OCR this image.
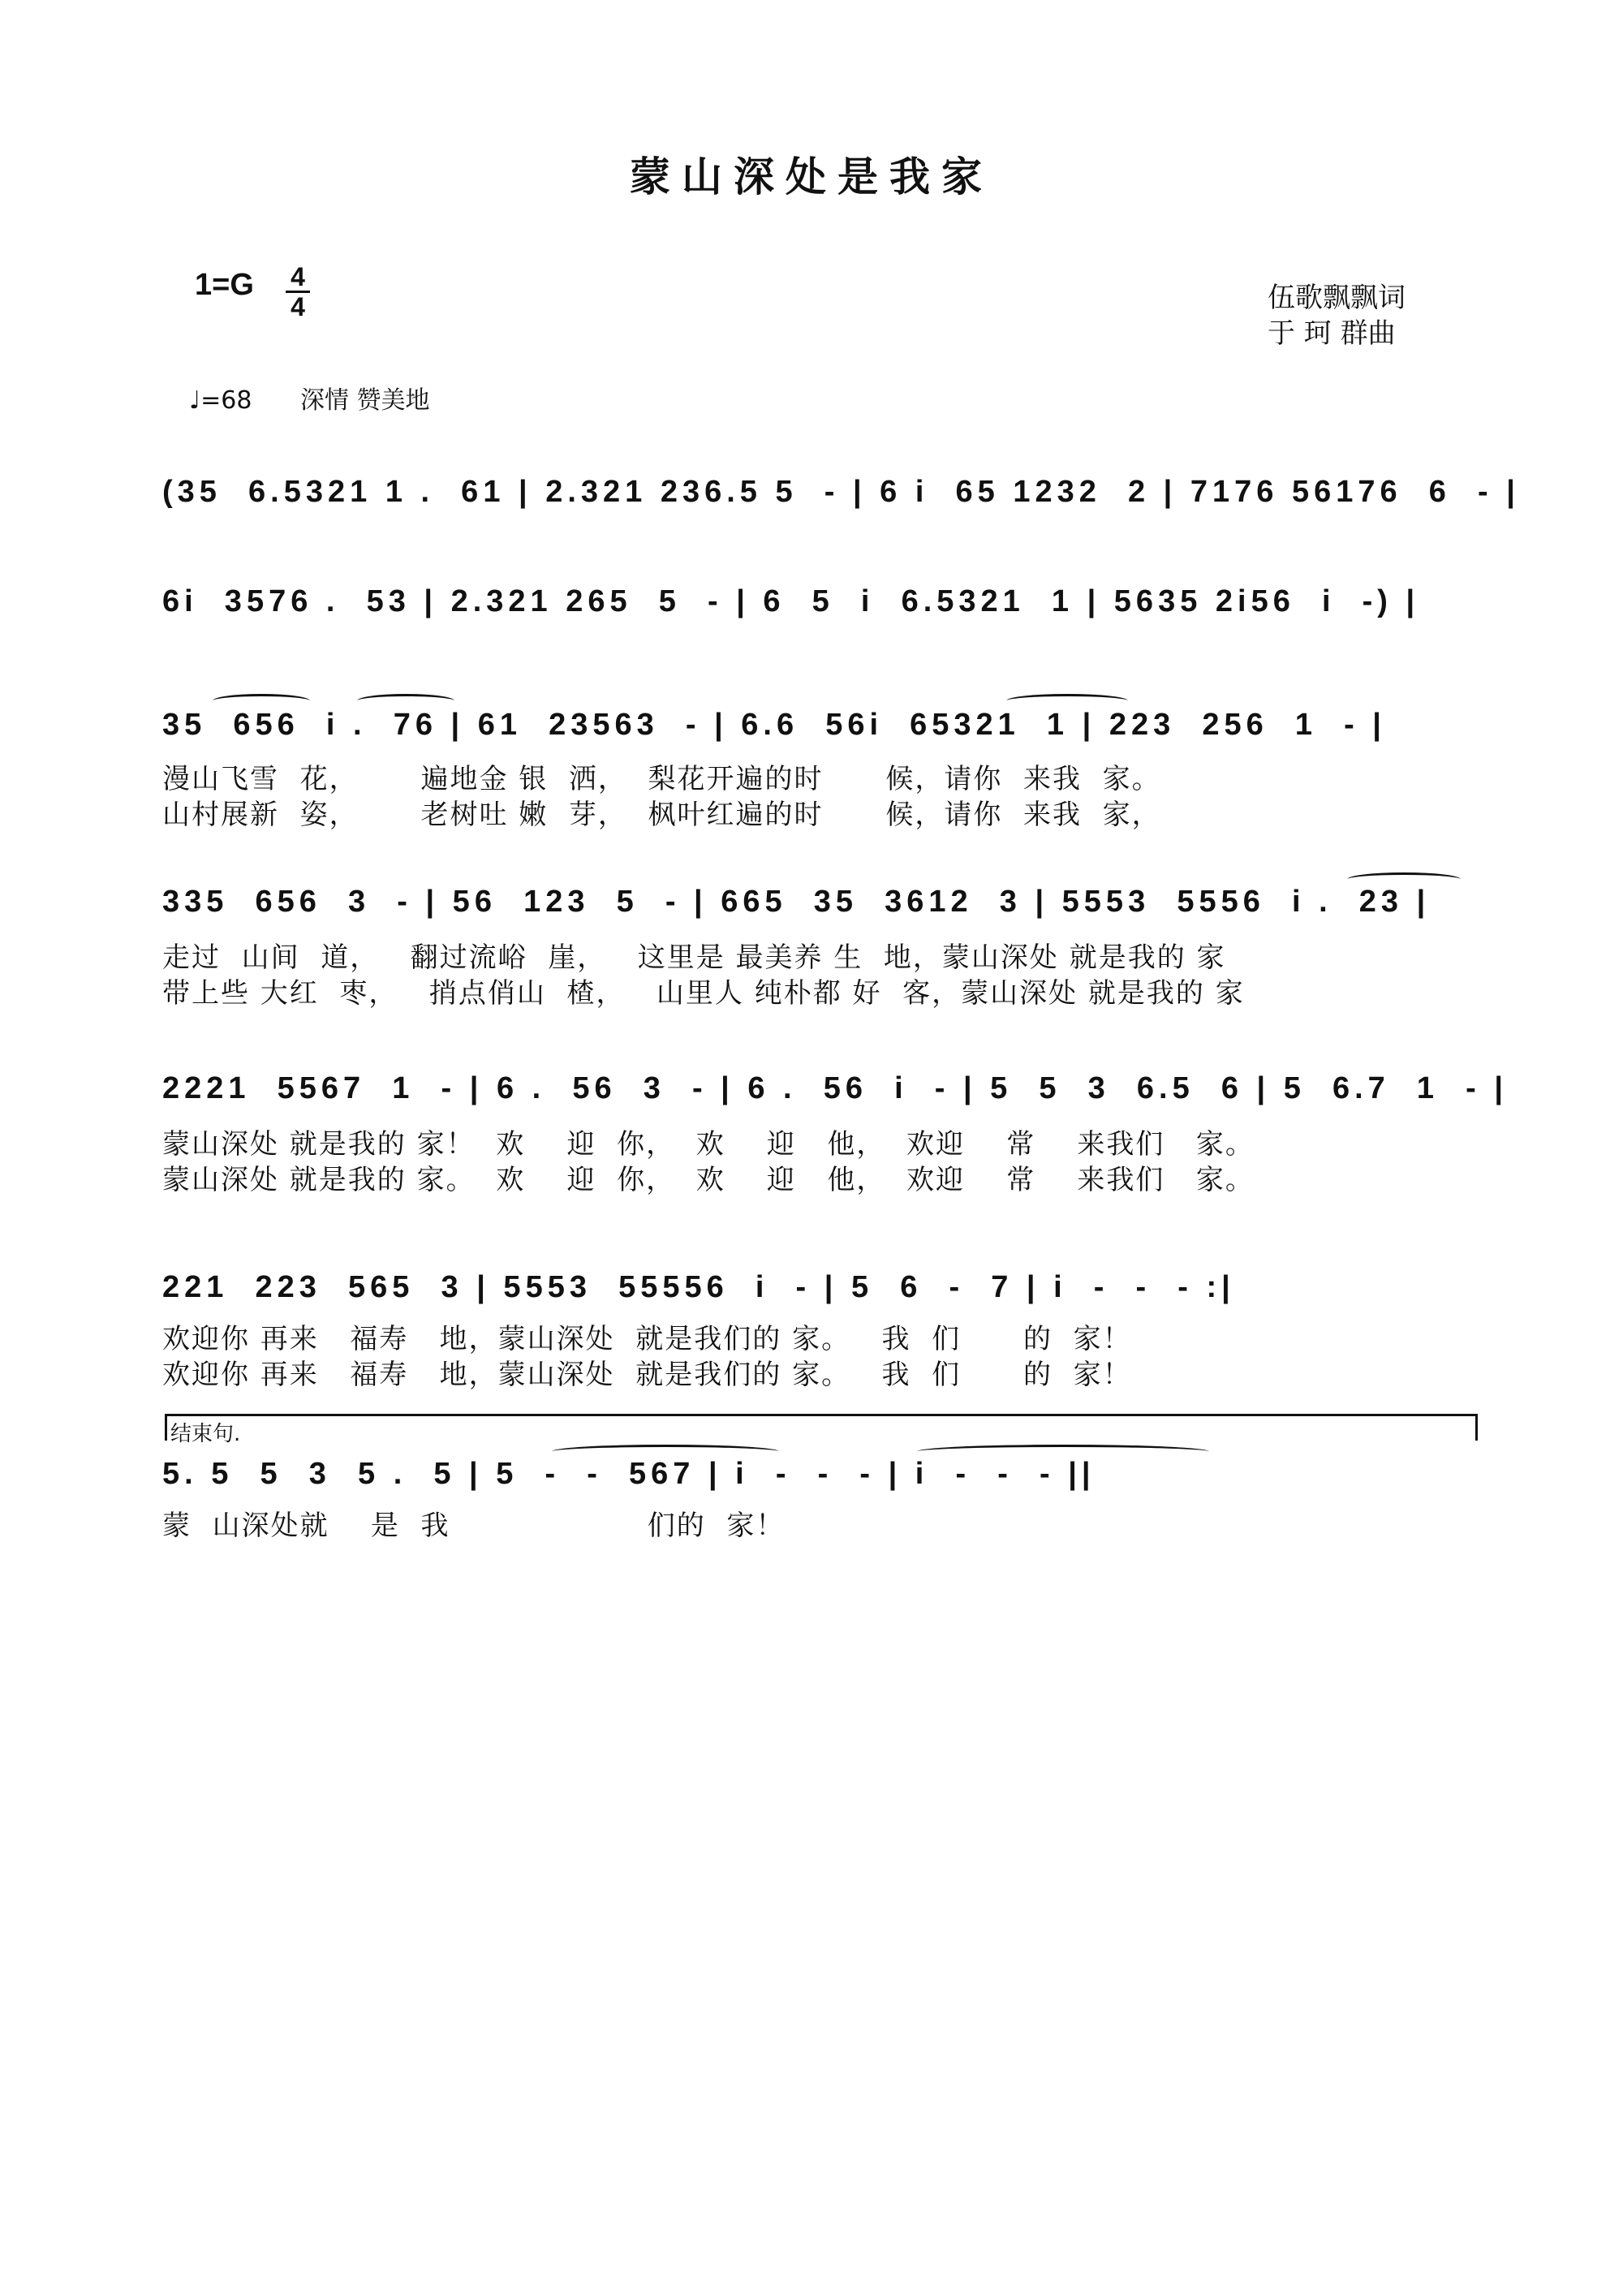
蒙山深处是我家
1=G 4
4	伍歌飘飘词
于 珂 群曲
♩=68 深情 赞美地
(35  6.5321 1 .  61 | 2.321 236.5 5  - | 6 i  65 1232  2 | 7176 56176  6  - |
6i  3576 .  53 | 2.321 265  5  - | 6  5  i  6.5321  1 | 5635 2i56  i  -) |
35  656  i .  76 | 61  23563  - | 6.6  56i  65321  1 | 223  256  1  - |
漫山飞雪  花，      遍地金 银  洒，  梨花开遍的时      候，请你  来我  家。
山村展新  姿，      老树吐 嫩  芽，  枫叶红遍的时      候，请你  来我  家，
335  656  3  - | 56  123  5  - | 665  35  3612  3 | 5553  5556  i .  23 |
走过  山间  道，   翻过流峪  崖，   这里是 最美养 生  地，蒙山深处 就是我的 家
带上些 大红  枣，   捎点俏山  楂，   山里人 纯朴都 好  客，蒙山深处 就是我的 家
2221  5567  1  - | 6 .  56  3  - | 6 .  56  i  - | 5  5  3  6.5  6 | 5  6.7  1  - |
蒙山深处 就是我的 家！  欢    迎  你，  欢    迎   他，  欢迎    常    来我们   家。
蒙山深处 就是我的 家。  欢    迎  你，  欢    迎   他，  欢迎    常    来我们   家。
221  223  565  3 | 5553  55556  i  - | 5  6  -  7 | i  -  -  - :|
欢迎你 再来   福寿   地，蒙山深处  就是我们的 家。   我  们      的  家！
欢迎你 再来   福寿   地，蒙山深处  就是我们的 家。   我  们      的  家！
结束句.
5. 5  5  3  5 .  5 | 5  -  -  567 | i  -  -  - | i  -  -  - ||
蒙  山深处就    是  我                   们的  家！
